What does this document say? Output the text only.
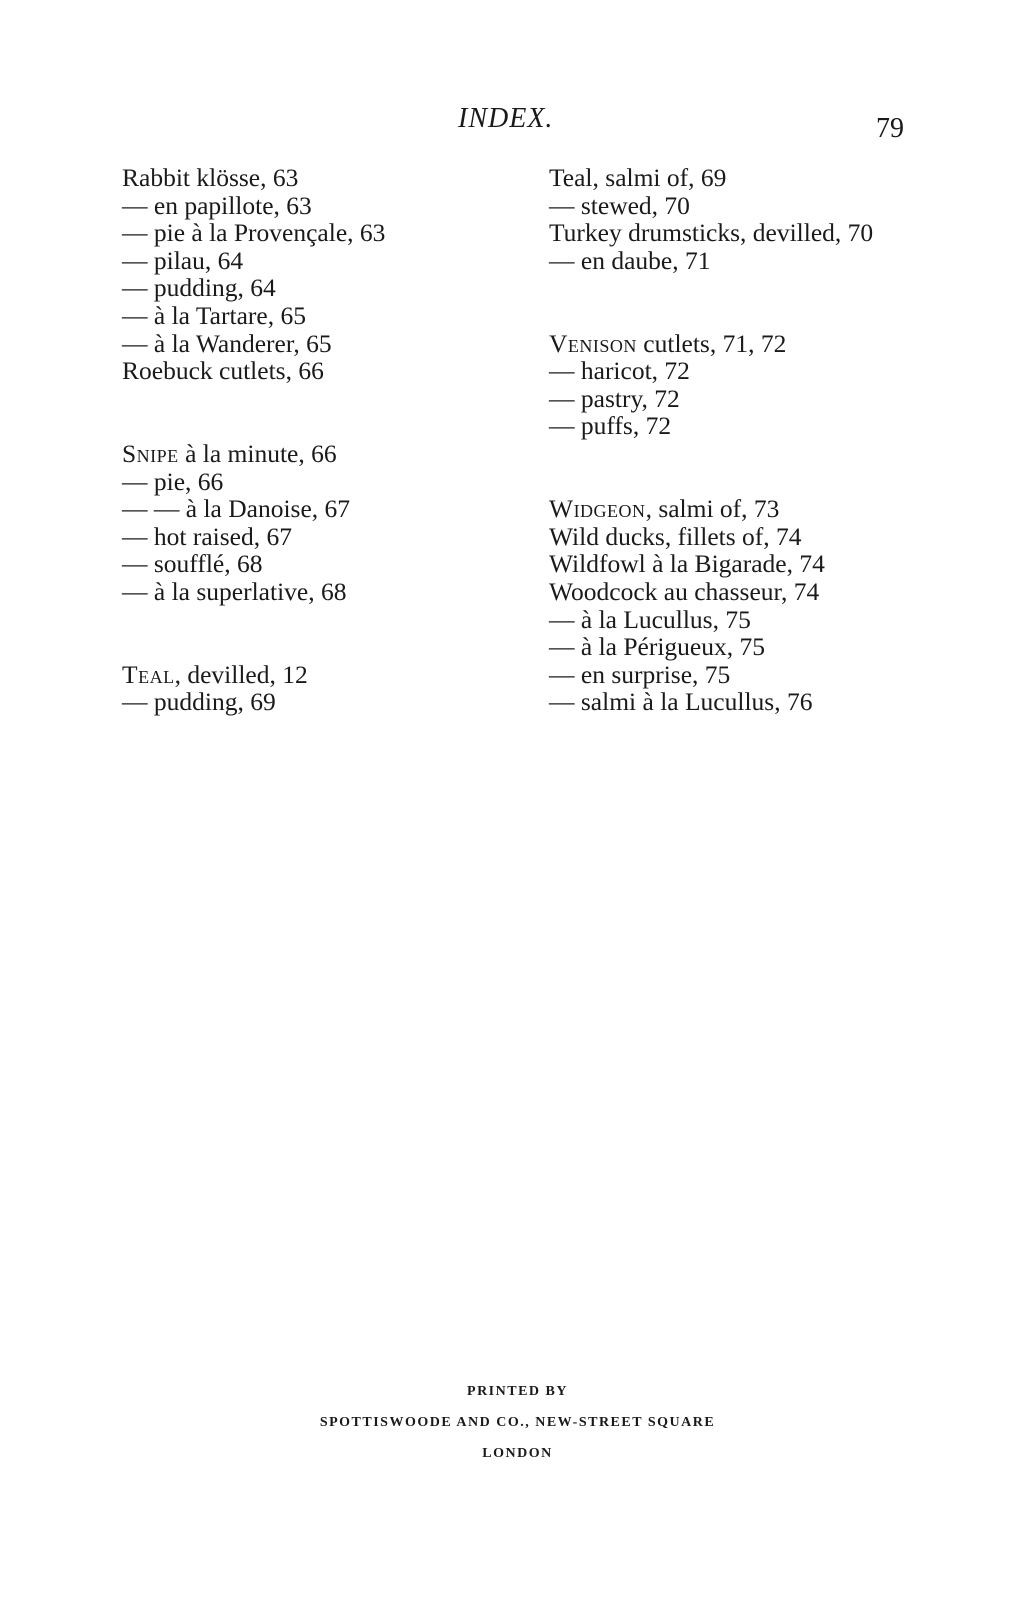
INDEX.	79
Rabbit klösse, 63
— en papillote, 63
— pie à la Provençale, 63
— pilau, 64
— pudding, 64
— à la Tartare, 65
— à la Wanderer, 65
Roebuck cutlets, 66
Snipe à la minute, 66
— pie, 66
— — à la Danoise, 67
— hot raised, 67
— soufflé, 68
— à la superlative, 68
Teal, devilled, 12
— pudding, 69
Teal, salmi of, 69
— stewed, 70
Turkey drumsticks, devilled, 70
— en daube, 71
Venison cutlets, 71, 72
— haricot, 72
— pastry, 72
— puffs, 72
Widgeon, salmi of, 73
Wild ducks, fillets of, 74
Wildfowl à la Bigarade, 74
Woodcock au chasseur, 74
— à la Lucullus, 75
— à la Périgueux, 75
— en surprise, 75
— salmi à la Lucullus, 76
PRINTED BY
SPOTTISWOODE AND CO., NEW-STREET SQUARE
LONDON
